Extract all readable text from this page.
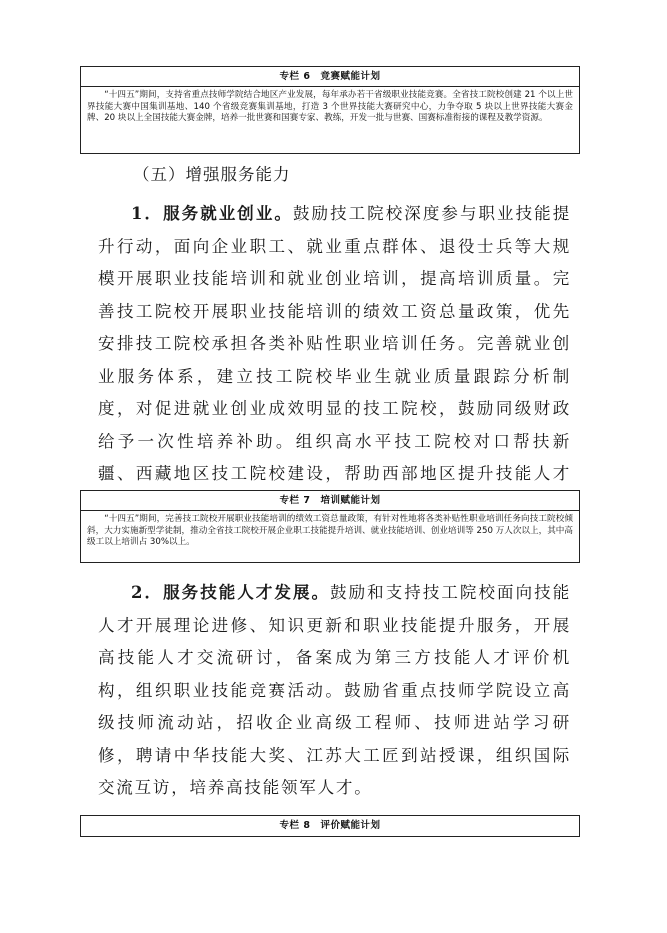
专栏 6　竞赛赋能计划

“十四五”期间，支持省重点技师学院结合地区产业发展，每年承办若干省级职业技能竞赛。全省技工院校创建 21 个以上世界技能大赛中国集训基地、140 个省级竞赛集训基地，打造 3 个世界技能大赛研究中心，力争夺取 5 块以上世界技能大赛金牌、20 块以上全国技能大赛金牌，培养一批世赛和国赛专家、教练，开发一批与世赛、国赛标准衔接的课程及教学资源。

（五）增强服务能力

1．服务就业创业。鼓励技工院校深度参与职业技能提升行动，面向企业职工、就业重点群体、退役士兵等大规模开展职业技能培训和就业创业培训，提高培训质量。完善技工院校开展职业技能培训的绩效工资总量政策，优先安排技工院校承担各类补贴性职业培训任务。完善就业创业服务体系，建立技工院校毕业生就业质量跟踪分析制度，对促进就业创业成效明显的技工院校，鼓励同级财政给予一次性培养补助。组织高水平技工院校对口帮扶新疆、西藏地区技工院校建设，帮助西部地区提升技能人才

专栏 7　培训赋能计划

“十四五”期间，完善技工院校开展职业技能培训的绩效工资总量政策，有针对性地将各类补贴性职业培训任务向技工院校倾斜，大力实施新型学徒制，推动全省技工院校开展企业职工技能提升培训、就业技能培训、创业培训等 250 万人次以上，其中高级工以上培训占 30%以上。

2．服务技能人才发展。鼓励和支持技工院校面向技能人才开展理论进修、知识更新和职业技能提升服务，开展高技能人才交流研讨，备案成为第三方技能人才评价机构，组织职业技能竞赛活动。鼓励省重点技师学院设立高级技师流动站，招收企业高级工程师、技师进站学习研修，聘请中华技能大奖、江苏大工匠到站授课，组织国际交流互访，培养高技能领军人才。

专栏 8　评价赋能计划
